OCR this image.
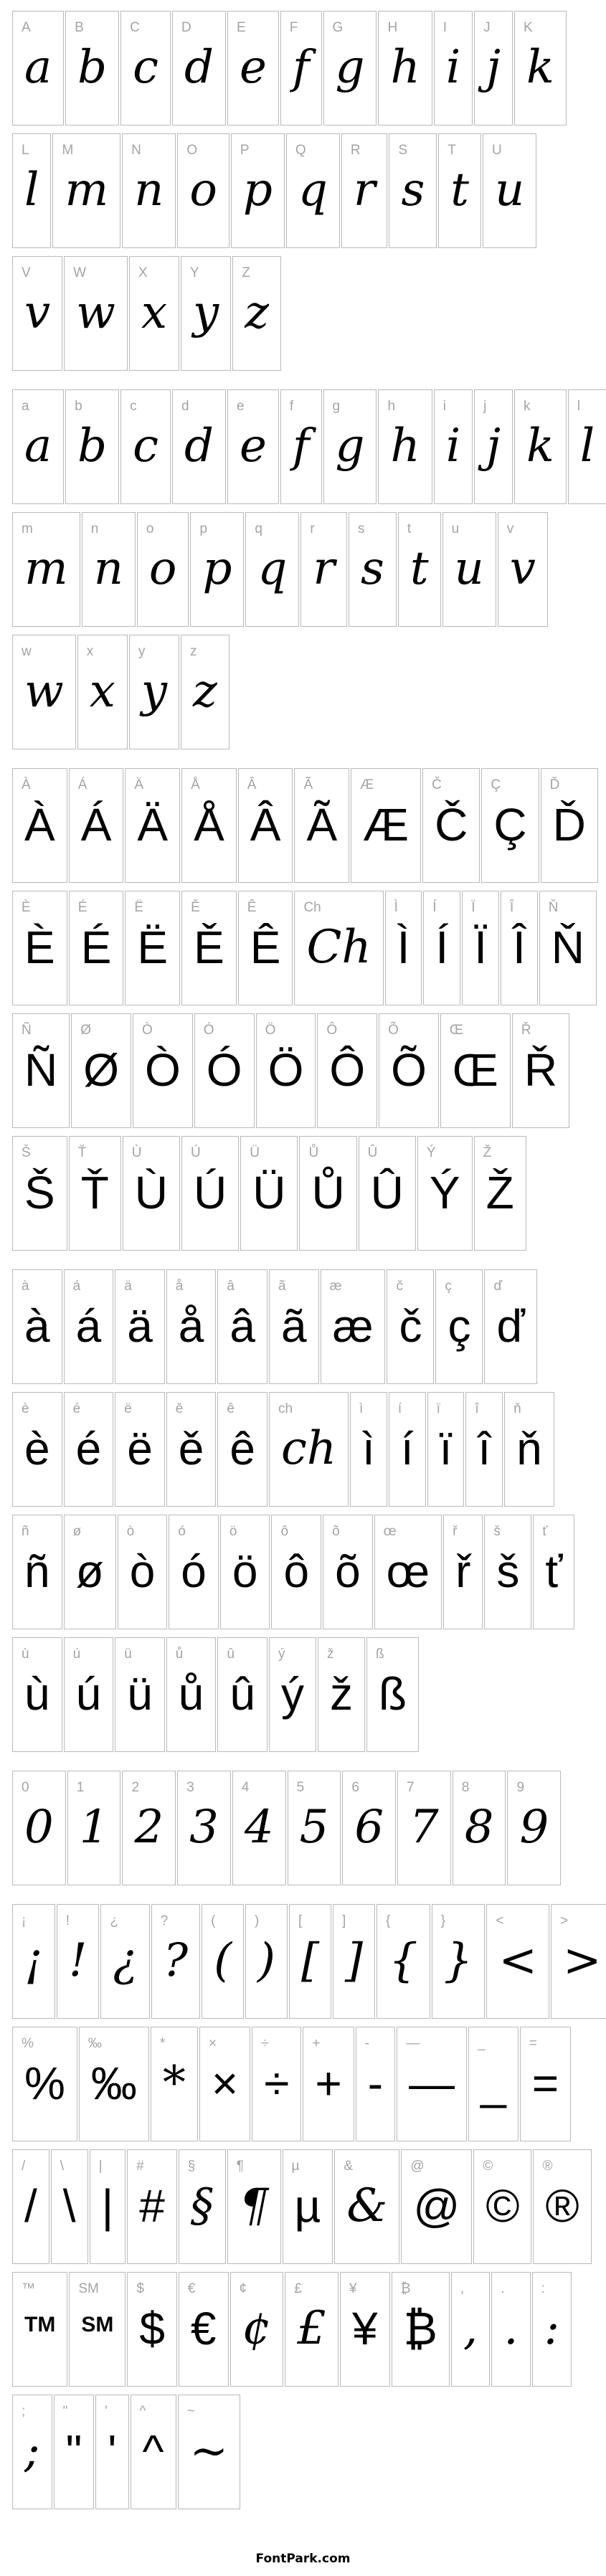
A
a
B
b
C
c
D
d
E
e
F
f
G
g
H
h
I
i
J
j
K
k
L
l
M
m
N
n
O
o
P
p
Q
q
R
r
S
s
T
t
U
u
V
v
W
w
X
x
Y
y
Z
z
a
a
b
b
c
c
d
d
e
e
f
f
g
g
h
h
i
i
j
j
k
k
l
l
m
m
n
n
o
o
p
p
q
q
r
r
s
s
t
t
u
u
v
v
w
w
x
x
y
y
z
z
À
À
Á
Á
Ä
Ä
Å
Å
Â
Â
Ã
Ã
Æ
Æ
Č
Č
Ç
Ç
Ď
Ď
È
È
É
É
Ë
Ë
Ě
Ě
Ê
Ê
Ch
Ch
Ì
Ì
Í
Í
Ï
Ï
Î
Î
Ň
Ň
Ñ
Ñ
Ø
Ø
Ò
Ò
Ó
Ó
Ö
Ö
Ô
Ô
Õ
Õ
Œ
Œ
Ř
Ř
Š
Š
Ť
Ť
Ù
Ù
Ú
Ú
Ü
Ü
Ů
Ů
Û
Û
Ý
Ý
Ž
Ž
à
à
á
á
ä
ä
å
å
â
â
ã
ã
æ
æ
č
č
ç
ç
ď
ď
è
è
é
é
ë
ë
ě
ě
ê
ê
ch
ch
ì
ì
í
í
ï
ï
î
î
ň
ň
ñ
ñ
ø
ø
ò
ò
ó
ó
ö
ö
ô
ô
õ
õ
œ
œ
ř
ř
š
š
ť
ť
ù
ù
ú
ú
ü
ü
ů
ů
û
û
ý
ý
ž
ž
ß
ß
0
0
1
1
2
2
3
3
4
4
5
5
6
6
7
7
8
8
9
9
¡
¡
!
!
¿
¿
?
?
(
(
)
)
[
[
]
]
{
{
}
}
<
<
>
>
%
%
‰
‰
*
*
×
×
÷
÷
+
+
-
-
—
—
_
_
=
=
/
/
\
\
|
|
#
#
§
§
¶
¶
µ
µ
&
&
@
@
©
©
®
®
™
TM
SM
SM
$
$
€
€
¢
¢
£
£
¥
¥
₿
₿
,
,
.
.
:
:
;
;
"
"
'
'
^
^
~
~
FontPark.com
